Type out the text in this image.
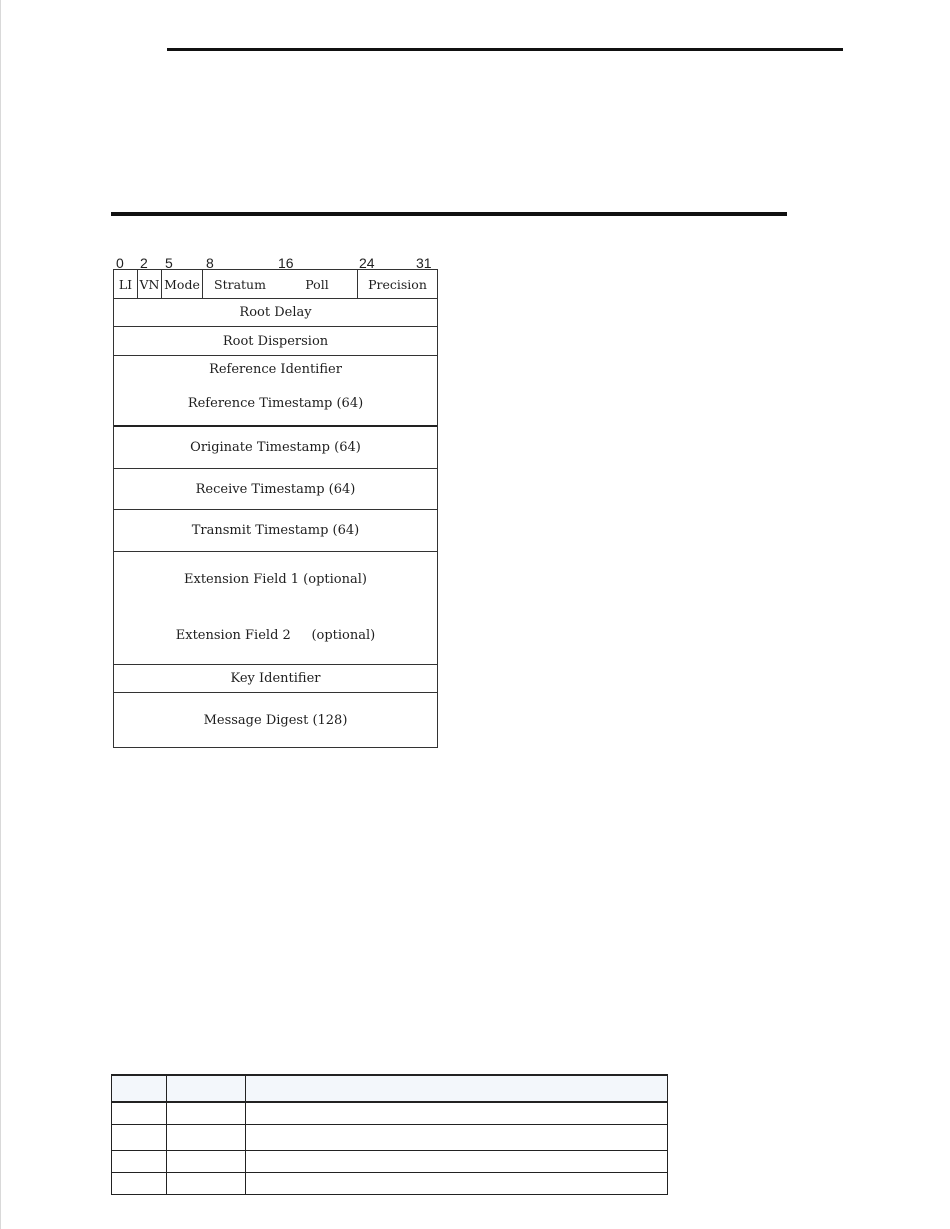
0 2 5 8	16	24	31
LI VN Mode	Stratum	Poll	Precision
Root Delay
Root Dispersion
Reference Identifier
Reference Timestamp (64)
Originate Timestamp (64)
Receive Timestamp (64)
Transmit Timestamp (64)
Extension Field 1 (optional)
Extension Field 2     (optional)
Key Identifier
Message Digest (128)
